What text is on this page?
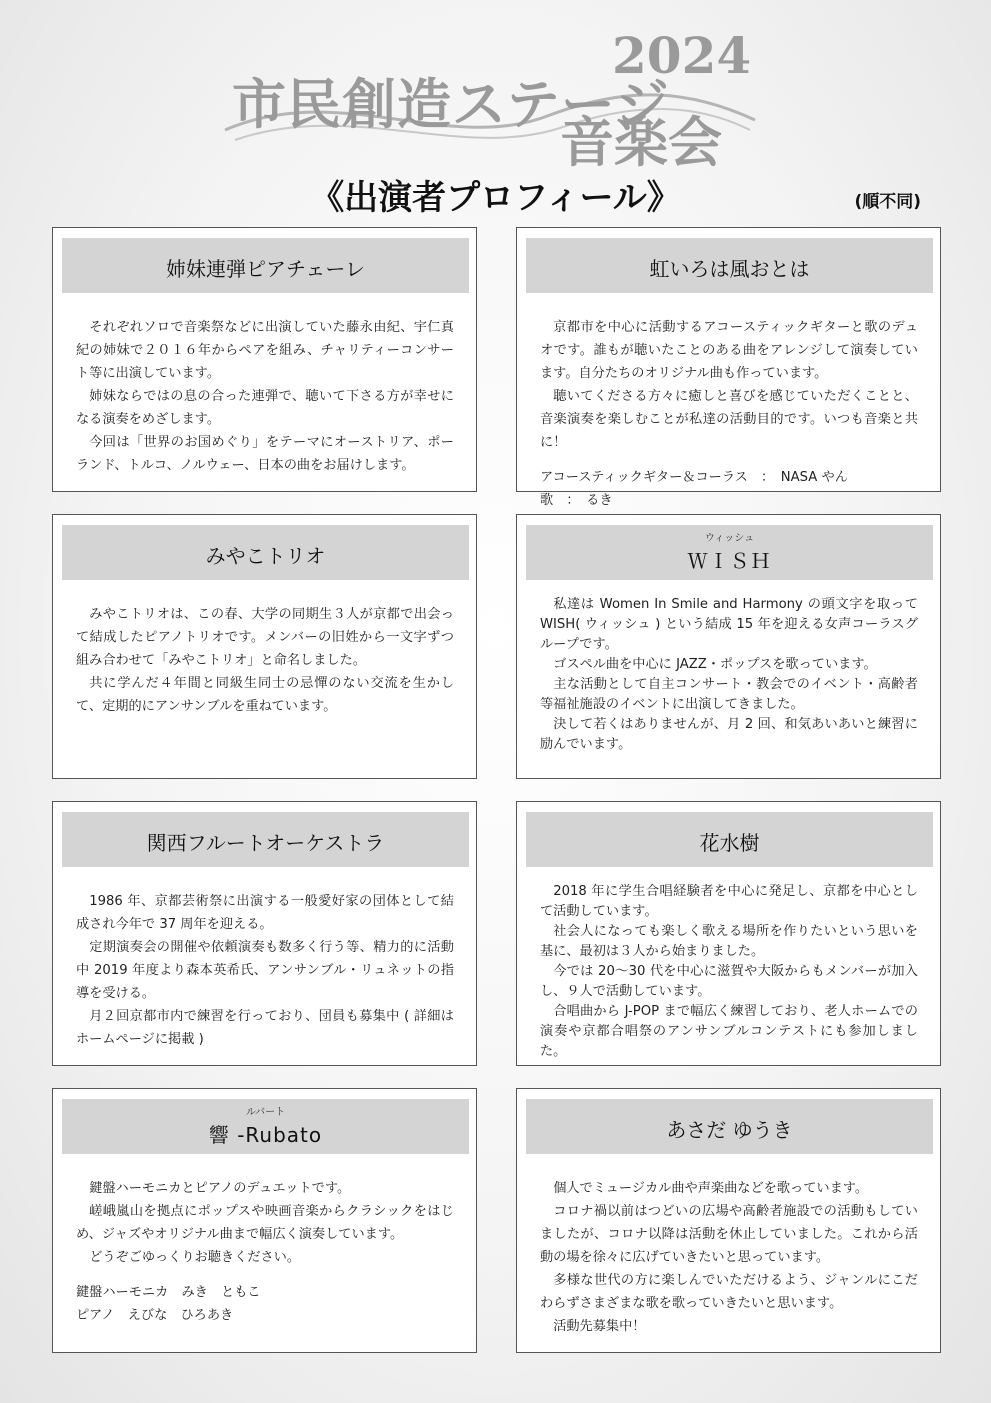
市民創造ステージ
2024
音楽会
《出演者プロフィール》	(順不同)
姉妹連弾ピアチェーレ

それぞれソロで音楽祭などに出演していた藤永由紀、宇仁真紀の姉妹で２０１６年からペアを組み、チャリティーコンサート等に出演しています。

姉妹ならではの息の合った連弾で、聴いて下さる方が幸せになる演奏をめざします。

今回は「世界のお国めぐり」をテーマにオーストリア、ポーランド、トルコ、ノルウェー、日本の曲をお届けします。

虹いろは風おとは

京都市を中心に活動するアコースティックギターと歌のデュオです。誰もが聴いたことのある曲をアレンジして演奏しています。自分たちのオリジナル曲も作っています。

聴いてくださる方々に癒しと喜びを感じていただくことと、音楽演奏を楽しむことが私達の活動目的です。いつも音楽と共に！

アコースティックギター＆コーラス　：　NASA やん

歌　：　るき

みやこトリオ

みやこトリオは、この春、大学の同期生３人が京都で出会って結成したピアノトリオです。メンバーの旧姓から一文字ずつ組み合わせて「みやこトリオ」と命名しました。

共に学んだ４年間と同級生同士の忌憚のない交流を生かして、定期的にアンサンブルを重ねています。

ウィッシュ
ＷＩＳＨ

私達は Women In Smile and Harmony の頭文字を取って WISH( ウィッシュ ) という結成 15 年を迎える女声コーラスグループです。

ゴスペル曲を中心に JAZZ・ポップスを歌っています。

主な活動として自主コンサート・教会でのイベント・高齢者等福祉施設のイベントに出演してきました。

決して若くはありませんが、月 2 回、和気あいあいと練習に励んでいます。

関西フルートオーケストラ

1986 年、京都芸術祭に出演する一般愛好家の団体として結成され今年で 37 周年を迎える。

定期演奏会の開催や依頼演奏も数多く行う等、精力的に活動中 2019 年度より森本英希氏、アンサンブル・リュネットの指導を受ける。

月２回京都市内で練習を行っており、団員も募集中 ( 詳細はホームページに掲載 )

花水樹

2018 年に学生合唱経験者を中心に発足し、京都を中心として活動しています。

社会人になっても楽しく歌える場所を作りたいという思いを基に、最初は３人から始まりました。

今では 20～30 代を中心に滋賀や大阪からもメンバーが加入し、９人で活動しています。

合唱曲から J-POP まで幅広く練習しており、老人ホームでの演奏や京都合唱祭のアンサンブルコンテストにも参加しました。

ルバート
響 -Rubato

鍵盤ハーモニカとピアノのデュエットです。

嵯峨嵐山を拠点にポップスや映画音楽からクラシックをはじめ、ジャズやオリジナル曲まで幅広く演奏しています。

どうぞごゆっくりお聴きください。

鍵盤ハーモニカ　みき　ともこ

ピアノ　えびな　ひろあき

あさだ ゆうき

個人でミュージカル曲や声楽曲などを歌っています。

コロナ禍以前はつどいの広場や高齢者施設での活動もしていましたが、コロナ以降は活動を休止していました。これから活動の場を徐々に広げていきたいと思っています。

多様な世代の方に楽しんでいただけるよう、ジャンルにこだわらずさまざまな歌を歌っていきたいと思います。

活動先募集中！
